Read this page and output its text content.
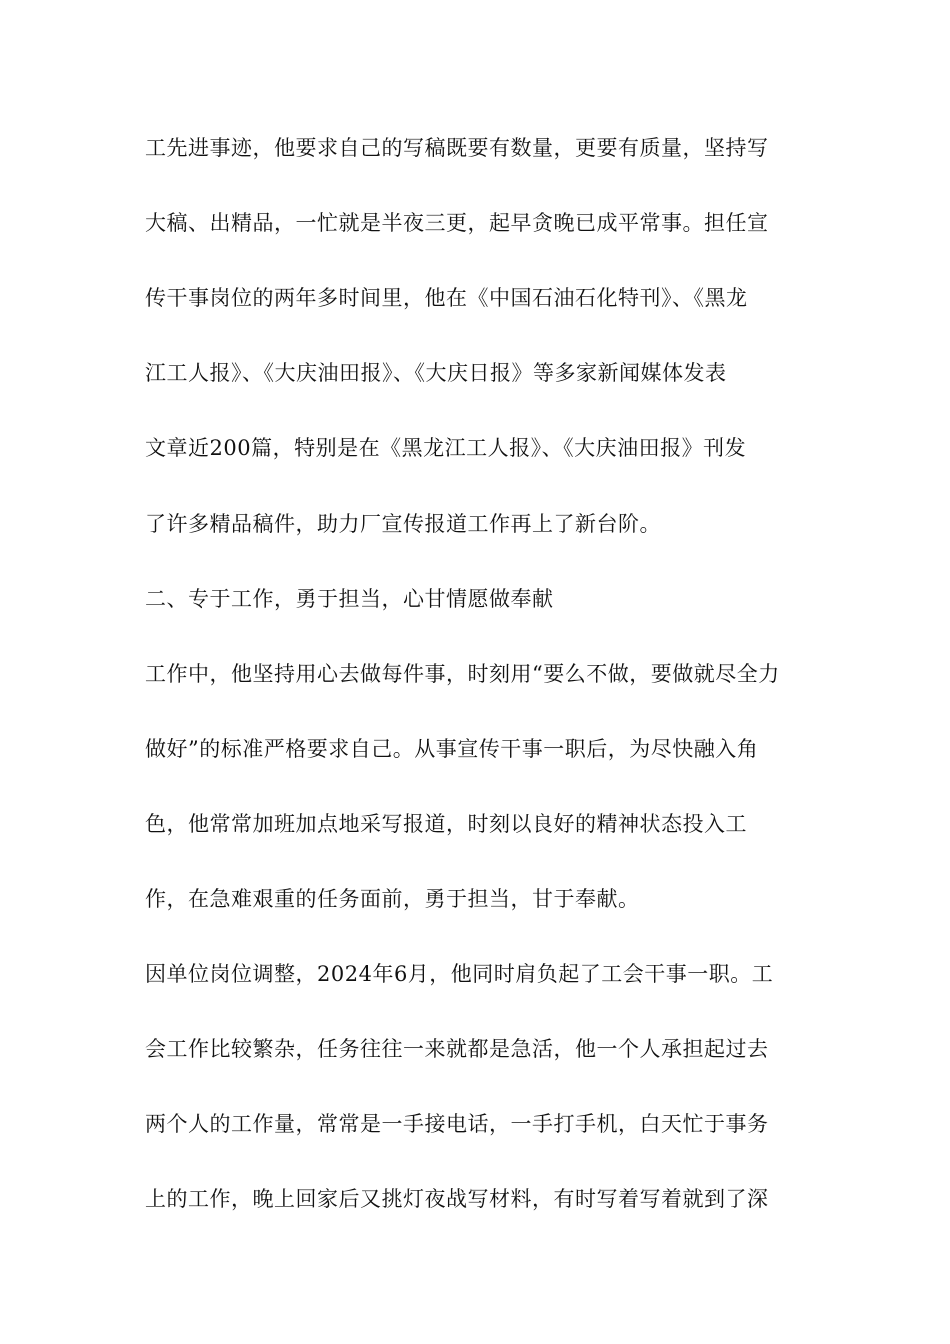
工先进事迹，他要求自己的写稿既要有数量，更要有质量，坚持写
大稿、出精品，一忙就是半夜三更，起早贪晚已成平常事。担任宣
传干事岗位的两年多时间里，他在《中国石油石化特刊》、《黑龙
江工人报》、《大庆油田报》、《大庆日报》等多家新闻媒体发表
文章近200篇，特别是在《黑龙江工人报》、《大庆油田报》刊发
了许多精品稿件，助力厂宣传报道工作再上了新台阶。
二、专于工作，勇于担当，心甘情愿做奉献
工作中，他坚持用心去做每件事，时刻用“要么不做，要做就尽全力
做好”的标准严格要求自己。从事宣传干事一职后，为尽快融入角
色，他常常加班加点地采写报道，时刻以良好的精神状态投入工
作，在急难艰重的任务面前，勇于担当，甘于奉献。
因单位岗位调整，2024年6月，他同时肩负起了工会干事一职。工
会工作比较繁杂，任务往往一来就都是急活，他一个人承担起过去
两个人的工作量，常常是一手接电话，一手打手机，白天忙于事务
上的工作，晚上回家后又挑灯夜战写材料，有时写着写着就到了深
